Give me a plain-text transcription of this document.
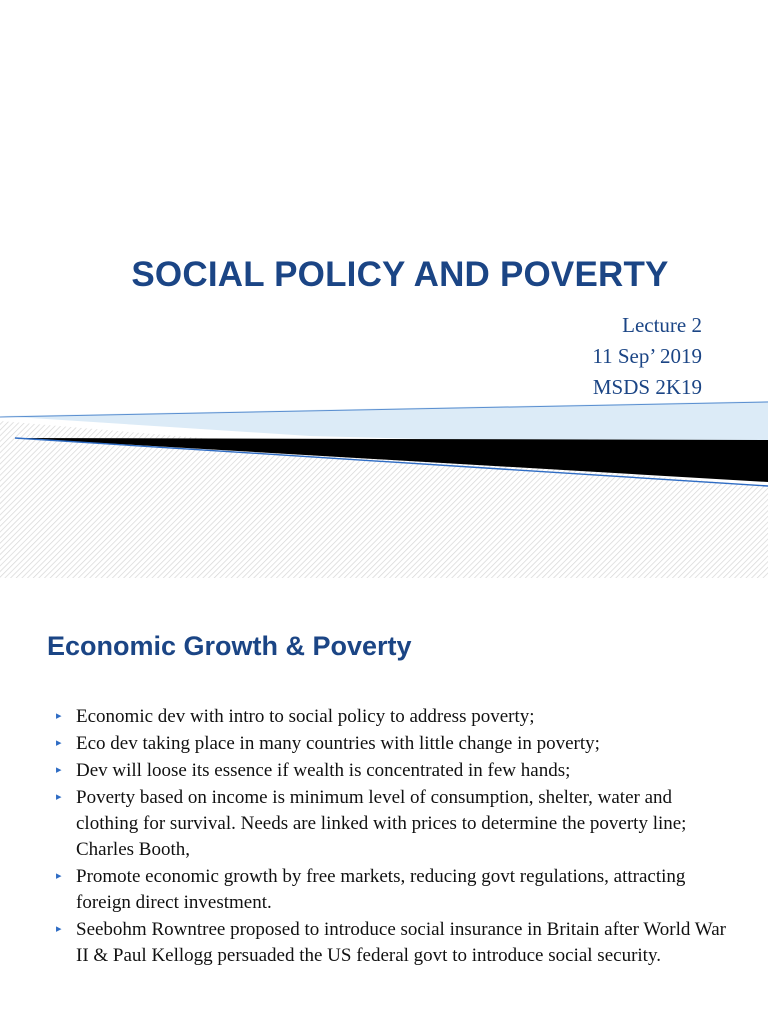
SOCIAL POLICY AND POVERTY
Lecture 2
11 Sep’ 2019
MSDS 2K19
Economic Growth & Poverty
▸ Economic dev with intro to social policy to address poverty;
▸ Eco dev taking place in many countries with little change in poverty;
▸ Dev will loose its essence if wealth is concentrated in few hands;
▸ Poverty based on income is minimum level of consumption, shelter, water and clothing for survival. Needs are linked with prices to determine the poverty line; Charles Booth,
▸ Promote economic growth by free markets, reducing govt regulations, attracting foreign direct investment.
▸ Seebohm Rowntree proposed to introduce social insurance in Britain after World War II & Paul Kellogg persuaded the US federal govt to introduce social security.
